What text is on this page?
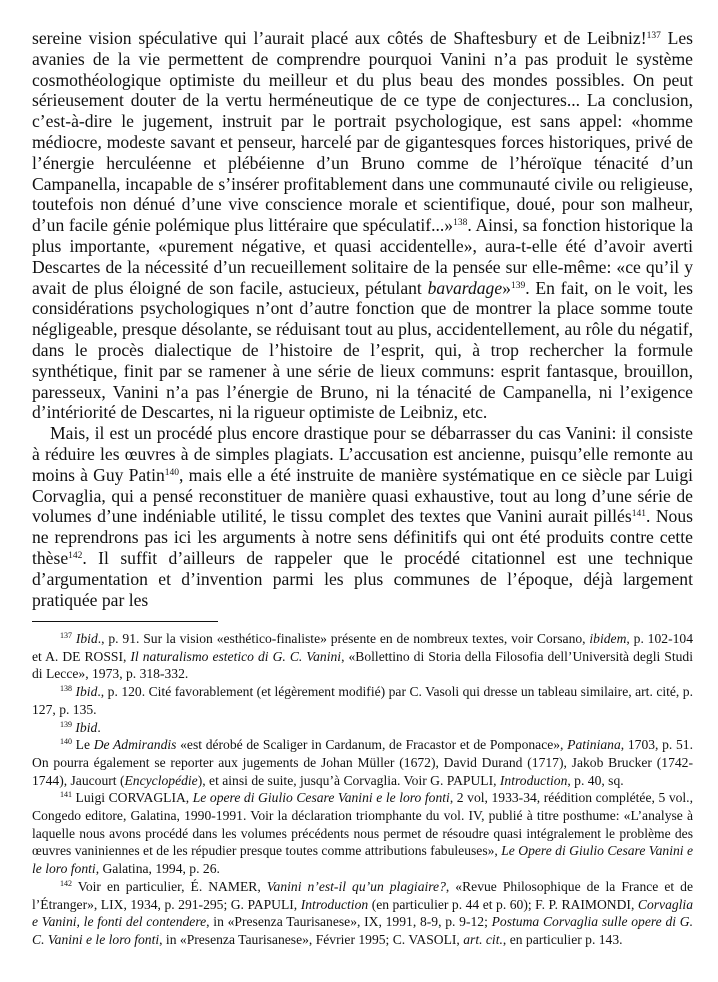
sereine vision spéculative qui l’aurait placé aux côtés de Shaftesbury et de Leibniz!$^{137}$ Les avanies de la vie permettent de comprendre pourquoi Vanini n’a pas produit le système cosmothéologique optimiste du meilleur et du plus beau des mondes possibles. On peut sérieusement douter de la vertu herméneutique de ce type de conjectures... La conclusion, c’est-à-dire le jugement, instruit par le portrait psychologique, est sans appel: «homme médiocre, modeste savant et penseur, harcelé par de gigantesques forces historiques, privé de l’énergie herculéenne et plébéienne d’un Bruno comme de l’héroïque ténacité d’un Campanella, incapable de s’insérer profitablement dans une communauté civile ou religieuse, toutefois non dénué d’une vive conscience morale et scientifique, doué, pour son malheur, d’un facile génie polémique plus littéraire que spéculatif...»$^{138}$. Ainsi, sa fonction historique la plus importante, «purement négative, et quasi accidentelle», aura-t-elle été d’avoir averti Descartes de la nécessité d’un recueillement solitaire de la pensée sur elle-même: «ce qu’il y avait de plus éloigné de son facile, astucieux, pétulant bavardage»$^{139}$. En fait, on le voit, les considérations psychologiques n’ont d’autre fonction que de montrer la place somme toute négligeable, presque désolante, se réduisant tout au plus, accidentellement, au rôle du négatif, dans le procès dialectique de l’histoire de l’esprit, qui, à trop rechercher la formule synthétique, finit par se ramener à une série de lieux communs: esprit fantasque, brouillon, paresseux, Vanini n’a pas l’énergie de Bruno, ni la ténacité de Campanella, ni l’exigence d’intériorité de Descartes, ni la rigueur optimiste de Leibniz, etc.

Mais, il est un procédé plus encore drastique pour se débarrasser du cas Vanini: il consiste à réduire les œuvres à de simples plagiats. L’accusation est ancienne, puisqu’elle remonte au moins à Guy Patin$^{140}$, mais elle a été instruite de manière systématique en ce siècle par Luigi Corvaglia, qui a pensé reconstituer de manière quasi exhaustive, tout au long d’une série de volumes d’une indéniable utilité, le tissu complet des textes que Vanini aurait pillés$^{141}$. Nous ne reprendrons pas ici les arguments à notre sens définitifs qui ont été produits contre cette thèse$^{142}$. Il suffit d’ailleurs de rappeler que le procédé citationnel est une technique d’argumentation et d’invention parmi les plus communes de l’époque, déjà largement pratiquée par les

$^{137}$ Ibid., p. 91. Sur la vision «esthético-finaliste» présente en de nombreux textes, voir Corsano, ibidem, p. 102-104 et A. DE ROSSI, Il naturalismo estetico di G. C. Vanini, «Bollettino di Storia della Filosofia dell’Università degli Studi di Lecce», 1973, p. 318-332.

$^{138}$ Ibid., p. 120. Cité favorablement (et légèrement modifié) par C. Vasoli qui dresse un tableau similaire, art. cité, p. 127, p. 135.

$^{139}$ Ibid.

$^{140}$ Le De Admirandis «est dérobé de Scaliger in Cardanum, de Fracastor et de Pomponace», Patiniana, 1703, p. 51. On pourra également se reporter aux jugements de Johan Müller (1672), David Durand (1717), Jakob Brucker (1742-1744), Jaucourt (Encyclopédie), et ainsi de suite, jusqu’à Corvaglia. Voir G. PAPULI, Introduction, p. 40, sq.

$^{141}$ Luigi CORVAGLIA, Le opere di Giulio Cesare Vanini e le loro fonti, 2 vol, 1933-34, réédition complétée, 5 vol., Congedo editore, Galatina, 1990-1991. Voir la déclaration triomphante du vol. IV, publié à titre posthume: «L’analyse à laquelle nous avons procédé dans les volumes précédents nous permet de résoudre quasi intégralement le problème des œuvres vaniniennes et de les répudier presque toutes comme attributions fabuleuses», Le Opere di Giulio Cesare Vanini e le loro fonti, Galatina, 1994, p. 26.

$^{142}$ Voir en particulier, É. NAMER, Vanini n’est-il qu’un plagiaire?, «Revue Philosophique de la France et de l’Étranger», LIX, 1934, p. 291-295; G. PAPULI, Introduction (en particulier p. 44 et p. 60); F. P. RAIMONDI, Corvaglia e Vanini, le fonti del contendere, in «Presenza Taurisanese», IX, 1991, 8-9, p. 9-12; Postuma Corvaglia sulle opere di G. C. Vanini e le loro fonti, in «Presenza Taurisanese», Février 1995; C. VASOLI, art. cit., en particulier p. 143.
